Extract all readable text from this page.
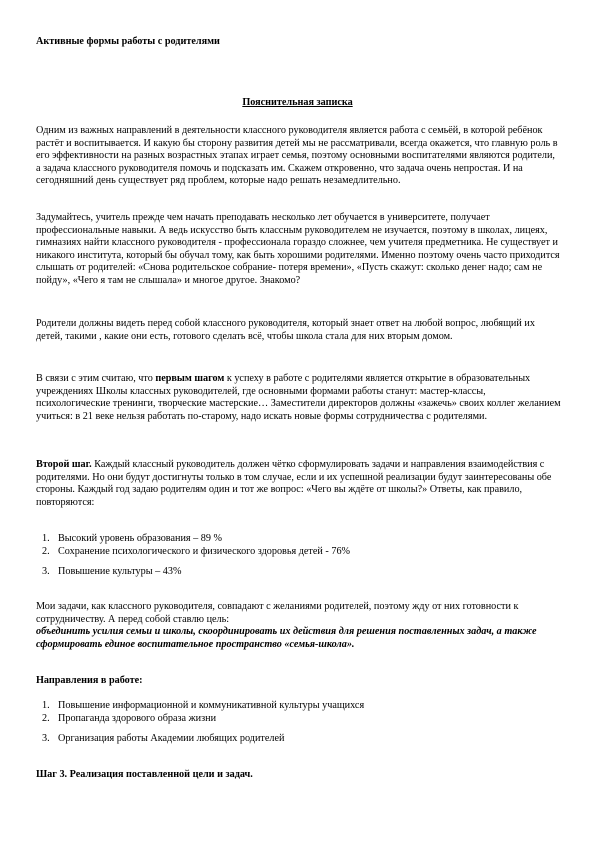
Активные формы работы с родителями

Пояснительная записка

Одним из важных направлений в деятельности классного руководителя является работа с семьёй, в которой ребёнок растёт и воспитывается. И какую бы сторону развития детей мы не рассматривали, всегда окажется, что главную роль в его эффективности на разных возрастных этапах играет семья, поэтому основными воспитателями являются родители, а задача классного руководителя помочь и подсказать им. Скажем откровенно, что задача очень непростая. И на сегодняшний день существует ряд проблем, которые надо решать незамедлительно.

Задумайтесь, учитель прежде чем начать преподавать несколько лет обучается в университете, получает профессиональные навыки. А ведь искусство быть классным руководителем не изучается, поэтому в школах, лицеях, гимназиях найти классного руководителя - профессионала гораздо сложнее, чем учителя предметника. Не существует и никакого института, который бы обучал тому, как быть хорошими родителями. Именно поэтому очень часто приходится слышать от родителей: «Снова родительское собрание- потеря времени», «Пусть скажут: сколько денег надо; сам не пойду», «Чего я там не слышала» и многое другое. Знакомо?

Родители должны видеть перед собой классного руководителя, который знает ответ на любой вопрос, любящий их детей, такими , какие они есть, готового сделать всё, чтобы школа стала для них вторым домом.

В связи с этим считаю, что первым шагом к успеху в работе с родителями является открытие в образовательных учреждениях Школы классных руководителей, где основными формами работы станут: мастер-классы, психологические тренинги, творческие мастерские… Заместители директоров должны «зажечь» своих коллег желанием учиться: в 21 веке нельзя работать по-старому, надо искать новые формы сотрудничества с родителями.

Второй шаг. Каждый классный руководитель должен чётко сформулировать задачи и направления взаимодействия с родителями. Но они будут достигнуты только в том случае, если и их успешной реализации будут заинтересованы обе стороны. Каждый год задаю родителям один и тот же вопрос: «Чего вы ждёте от школы?» Ответы, как правило, повторяются:

1. Высокий уровень образования – 89 %
2. Сохранение психологического и физического здоровья детей - 76%
3. Повышение культуры – 43%

Мои задачи, как классного руководителя, совпадают с желаниями родителей, поэтому жду от них готовности к сотрудничеству. А перед собой ставлю цель:

объединить усилия семьи и школы, скоординировать их действия для решения поставленных задач, а также сформировать единое воспитательное пространство «семья-школа».

Направления в работе:

1. Повышение информационной и коммуникативной культуры учащихся
2. Пропаганда здорового образа жизни
3. Организация работы Академии любящих родителей

Шаг 3. Реализация поставленной цели и задач.
